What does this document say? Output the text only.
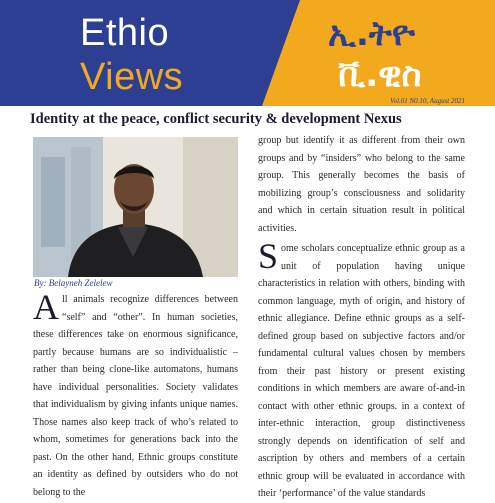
Ethio
Views
ኢ.ትዮ
ቪ.ዊስ
Vol.01 N0.10, August 2021
Identity at the peace, conflict security & development Nexus
By: Belayneh Zelelew

All animals recognize differences between “self” and “other”. In human societies, these differences take on enormous significance, partly because humans are so individualistic – rather than being clone-like automatons, humans have individual personalities. Society validates that individualism by giving infants unique names. Those names also keep track of who’s related to whom, sometimes for generations back into the past. On the other hand, Ethnic groups constitute an identity as defined by outsiders who do not belong to the

group but identify it as different from their own groups and by “insiders” who belong to the same group. This generally becomes the basis of mobilizing group’s consciousness and solidarity and which in certain situation result in political activities.

Some scholars conceptualize ethnic group as a unit of population having unique characteristics in relation with others, binding with common language, myth of origin, and history of ethnic allegiance. Define ethnic groups as a self-defined group based on subjective factors and/or fundamental cultural values chosen by members from their past history or present existing conditions in which members are aware of-and-in contact with other ethnic groups. in a context of inter-ethnic interaction, group distinctiveness strongly depends on identification of self and ascription by others and members of a certain ethnic group will be evaluated in accordance with their ‘performance’ of the value standards
